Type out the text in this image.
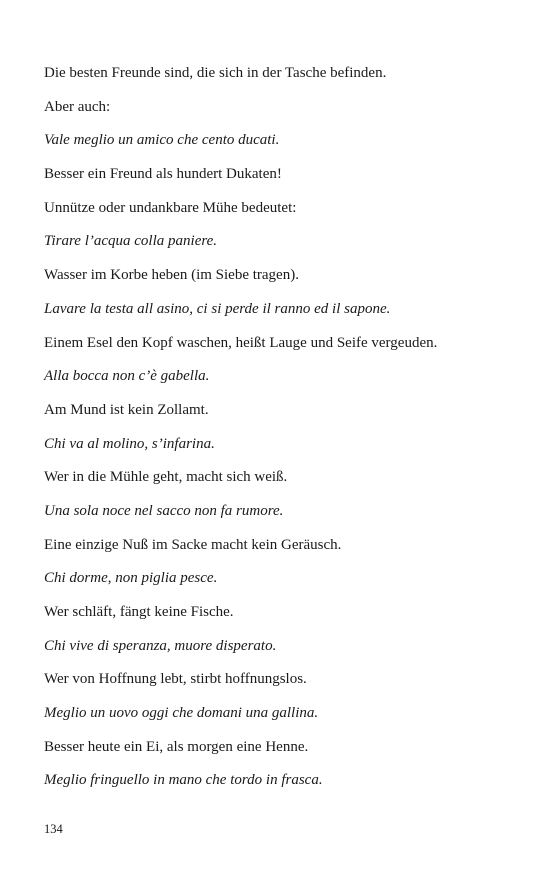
Die besten Freunde sind, die sich in der Tasche befinden.
Aber auch:
Vale meglio un amico che cento ducati.
Besser ein Freund als hundert Dukaten!
Unnütze oder undankbare Mühe bedeutet:
Tirare l’acqua colla paniere.
Wasser im Korbe heben (im Siebe tragen).
Lavare la testa all asino, ci si perde il ranno ed il sapone.
Einem Esel den Kopf waschen, heißt Lauge und Seife vergeuden.
Alla bocca non c’è gabella.
Am Mund ist kein Zollamt.
Chi va al molino, s’infarina.
Wer in die Mühle geht, macht sich weiß.
Una sola noce nel sacco non fa rumore.
Eine einzige Nuß im Sacke macht kein Geräusch.
Chi dorme, non piglia pesce.
Wer schläft, fängt keine Fische.
Chi vive di speranza, muore disperato.
Wer von Hoffnung lebt, stirbt hoffnungslos.
Meglio un uovo oggi che domani una gallina.
Besser heute ein Ei, als morgen eine Henne.
Meglio fringuello in mano che tordo in frasca.
134
